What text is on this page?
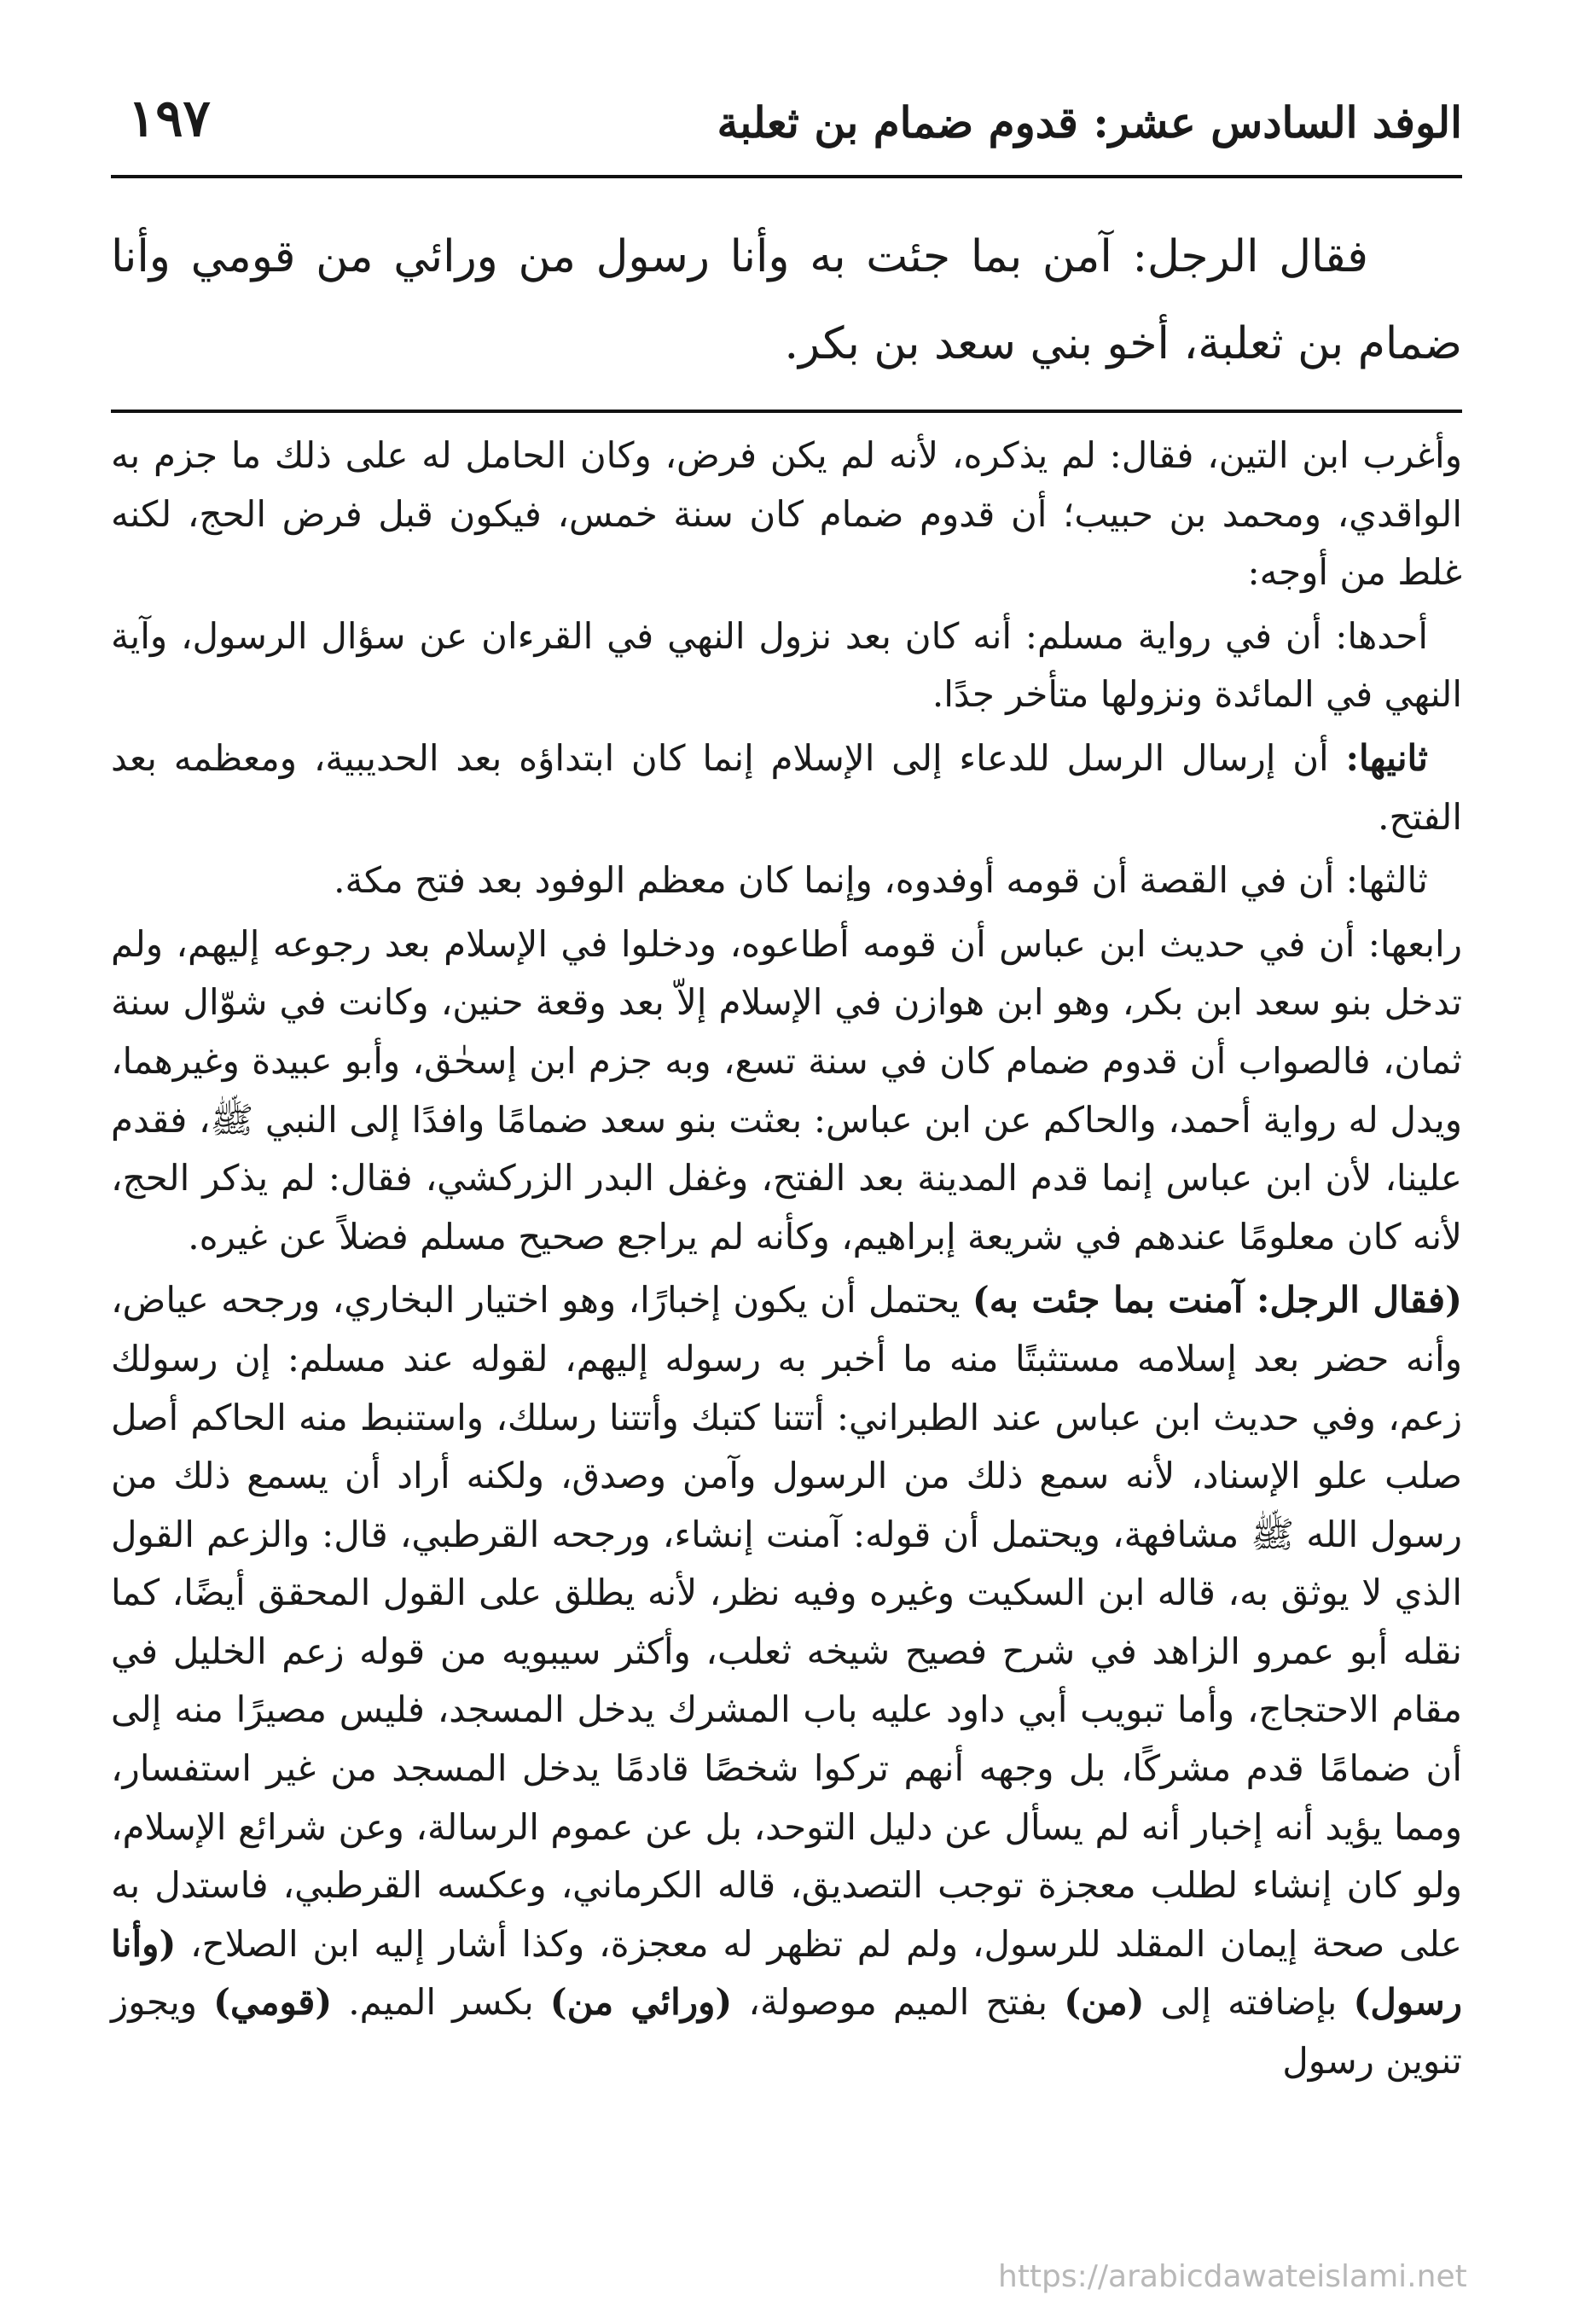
الوفد السادس عشر: قدوم ضمام بن ثعلبة
١٩٧

فقال الرجل: آمن بما جئت به وأنا رسول من ورائي من قومي وأنا ضمام بن ثعلبة، أخو بني سعد بن بكر.

وأغرب ابن التين، فقال: لم يذكره، لأنه لم يكن فرض، وكان الحامل له على ذلك ما جزم به الواقدي، ومحمد بن حبيب؛ أن قدوم ضمام كان سنة خمس، فيكون قبل فرض الحج، لكنه غلط من أوجه:

أحدها: أن في رواية مسلم: أنه كان بعد نزول النهي في القرءان عن سؤال الرسول، وآية النهي في المائدة ونزولها متأخر جدًا.

ثانيها: أن إرسال الرسل للدعاء إلى الإسلام إنما كان ابتداؤه بعد الحديبية، ومعظمه بعد الفتح.

ثالثها: أن في القصة أن قومه أوفدوه، وإنما كان معظم الوفود بعد فتح مكة.

رابعها: أن في حديث ابن عباس أن قومه أطاعوه، ودخلوا في الإسلام بعد رجوعه إليهم، ولم تدخل بنو سعد ابن بكر، وهو ابن هوازن في الإسلام إلاّ بعد وقعة حنين، وكانت في شوّال سنة ثمان، فالصواب أن قدوم ضمام كان في سنة تسع، وبه جزم ابن إسحٰق، وأبو عبيدة وغيرهما، ويدل له رواية أحمد، والحاكم عن ابن عباس: بعثت بنو سعد ضمامًا وافدًا إلى النبي ﷺ، فقدم علينا، لأن ابن عباس إنما قدم المدينة بعد الفتح، وغفل البدر الزركشي، فقال: لم يذكر الحج، لأنه كان معلومًا عندهم في شريعة إبراهيم، وكأنه لم يراجع صحيح مسلم فضلاً عن غيره.

(فقال الرجل: آمنت بما جئت به) يحتمل أن يكون إخبارًا، وهو اختيار البخاري، ورجحه عياض، وأنه حضر بعد إسلامه مستثبتًا منه ما أخبر به رسوله إليهم، لقوله عند مسلم: إن رسولك زعم، وفي حديث ابن عباس عند الطبراني: أتتنا كتبك وأتتنا رسلك، واستنبط منه الحاكم أصل صلب علو الإسناد، لأنه سمع ذلك من الرسول وآمن وصدق، ولكنه أراد أن يسمع ذلك من رسول الله ﷺ مشافهة، ويحتمل أن قوله: آمنت إنشاء، ورجحه القرطبي، قال: والزعم القول الذي لا يوثق به، قاله ابن السكيت وغيره وفيه نظر، لأنه يطلق على القول المحقق أيضًا، كما نقله أبو عمرو الزاهد في شرح فصيح شيخه ثعلب، وأكثر سيبويه من قوله زعم الخليل في مقام الاحتجاج، وأما تبويب أبي داود عليه باب المشرك يدخل المسجد، فليس مصيرًا منه إلى أن ضمامًا قدم مشركًا، بل وجهه أنهم تركوا شخصًا قادمًا يدخل المسجد من غير استفسار، ومما يؤيد أنه إخبار أنه لم يسأل عن دليل التوحد، بل عن عموم الرسالة، وعن شرائع الإسلام، ولو كان إنشاء لطلب معجزة توجب التصديق، قاله الكرماني، وعكسه القرطبي، فاستدل به على صحة إيمان المقلد للرسول، ولم لم تظهر له معجزة، وكذا أشار إليه ابن الصلاح، (وأنا رسول) بإضافته إلى (من) بفتح الميم موصولة، (ورائي من) بكسر الميم. (قومي) ويجوز تنوين رسول

https://arabicdawateislami.net
